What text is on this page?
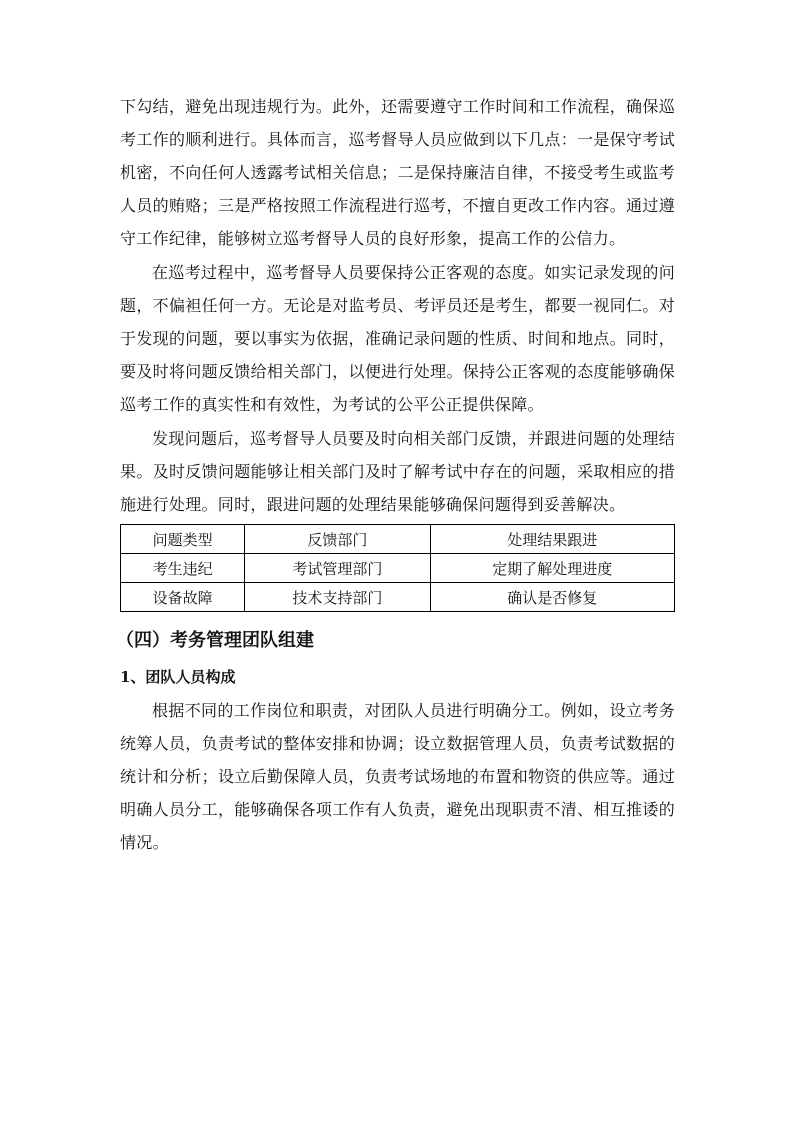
下勾结，避免出现违规行为。此外，还需要遵守工作时间和工作流程，确保巡考工作的顺利进行。具体而言，巡考督导人员应做到以下几点：一是保守考试机密，不向任何人透露考试相关信息；二是保持廉洁自律，不接受考生或监考人员的贿赂；三是严格按照工作流程进行巡考，不擅自更改工作内容。通过遵守工作纪律，能够树立巡考督导人员的良好形象，提高工作的公信力。

在巡考过程中，巡考督导人员要保持公正客观的态度。如实记录发现的问题，不偏袒任何一方。无论是对监考员、考评员还是考生，都要一视同仁。对于发现的问题，要以事实为依据，准确记录问题的性质、时间和地点。同时，要及时将问题反馈给相关部门，以便进行处理。保持公正客观的态度能够确保巡考工作的真实性和有效性，为考试的公平公正提供保障。

发现问题后，巡考督导人员要及时向相关部门反馈，并跟进问题的处理结果。及时反馈问题能够让相关部门及时了解考试中存在的问题，采取相应的措施进行处理。同时，跟进问题的处理结果能够确保问题得到妥善解决。

问题类型	反馈部门	处理结果跟进
考生违纪	考试管理部门	定期了解处理进度
设备故障	技术支持部门	确认是否修复
（四）考务管理团队组建
1、团队人员构成

根据不同的工作岗位和职责，对团队人员进行明确分工。例如，设立考务统筹人员，负责考试的整体安排和协调；设立数据管理人员，负责考试数据的统计和分析；设立后勤保障人员，负责考试场地的布置和物资的供应等。通过明确人员分工，能够确保各项工作有人负责，避免出现职责不清、相互推诿的情况。
